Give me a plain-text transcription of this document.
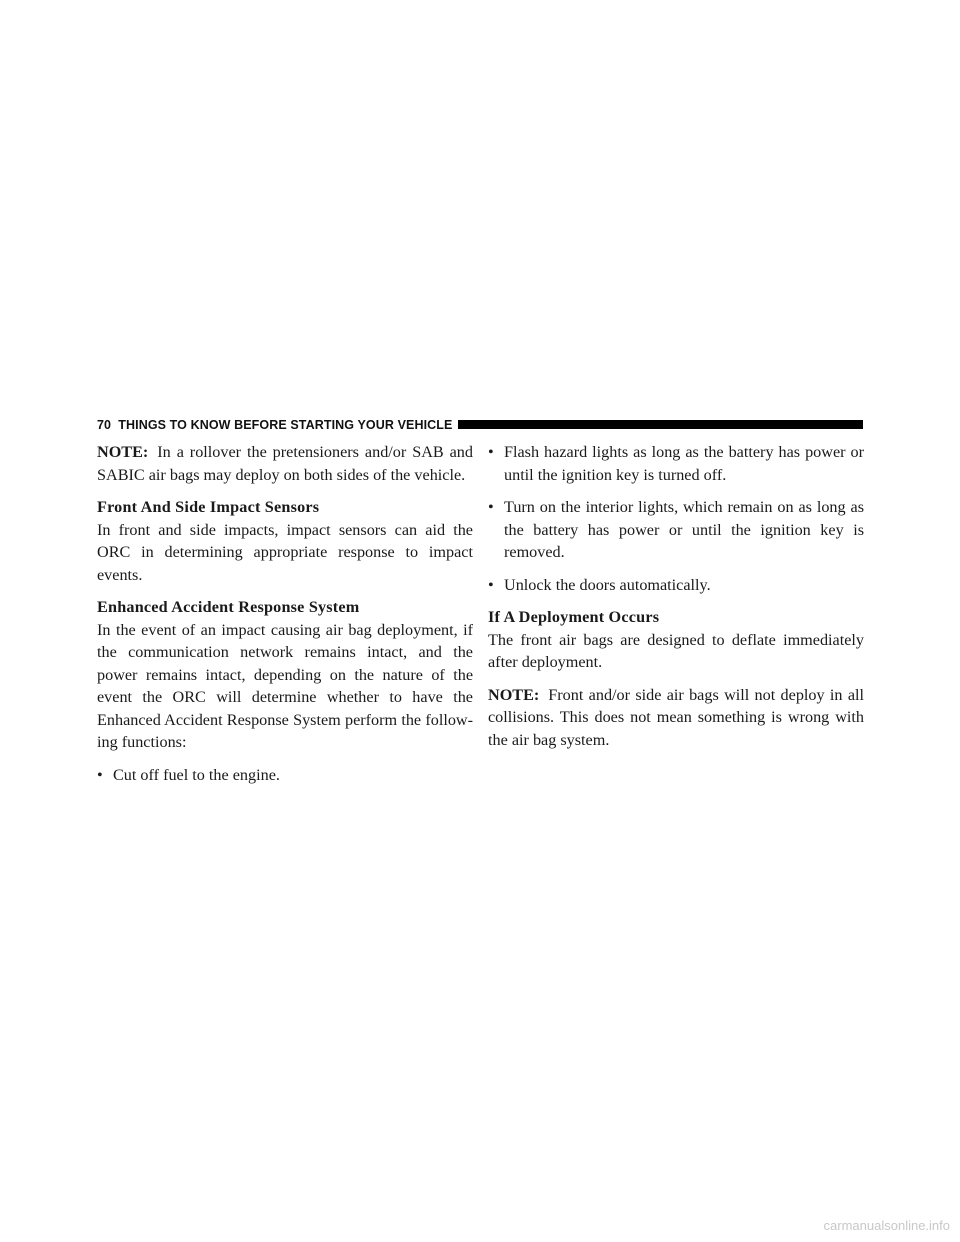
70 THINGS TO KNOW BEFORE STARTING YOUR VEHICLE

NOTE: In a rollover the pretensioners and/or SAB and SABIC air bags may deploy on both sides of the vehicle.

Front And Side Impact Sensors

In front and side impacts, impact sensors can aid the ORC in determining appropriate response to impact events.

Enhanced Accident Response System

In the event of an impact causing air bag deployment, if the communication network remains intact, and the power remains intact, depending on the nature of the event the ORC will determine whether to have the Enhanced Accident Response System perform the follow-ing functions:

• Cut off fuel to the engine.
• Flash hazard lights as long as the battery has power or until the ignition key is turned off.
• Turn on the interior lights, which remain on as long as the battery has power or until the ignition key is removed.
• Unlock the doors automatically.
If A Deployment Occurs

The front air bags are designed to deflate immediately after deployment.

NOTE: Front and/or side air bags will not deploy in all collisions. This does not mean something is wrong with the air bag system.

carmanualsonline.info
